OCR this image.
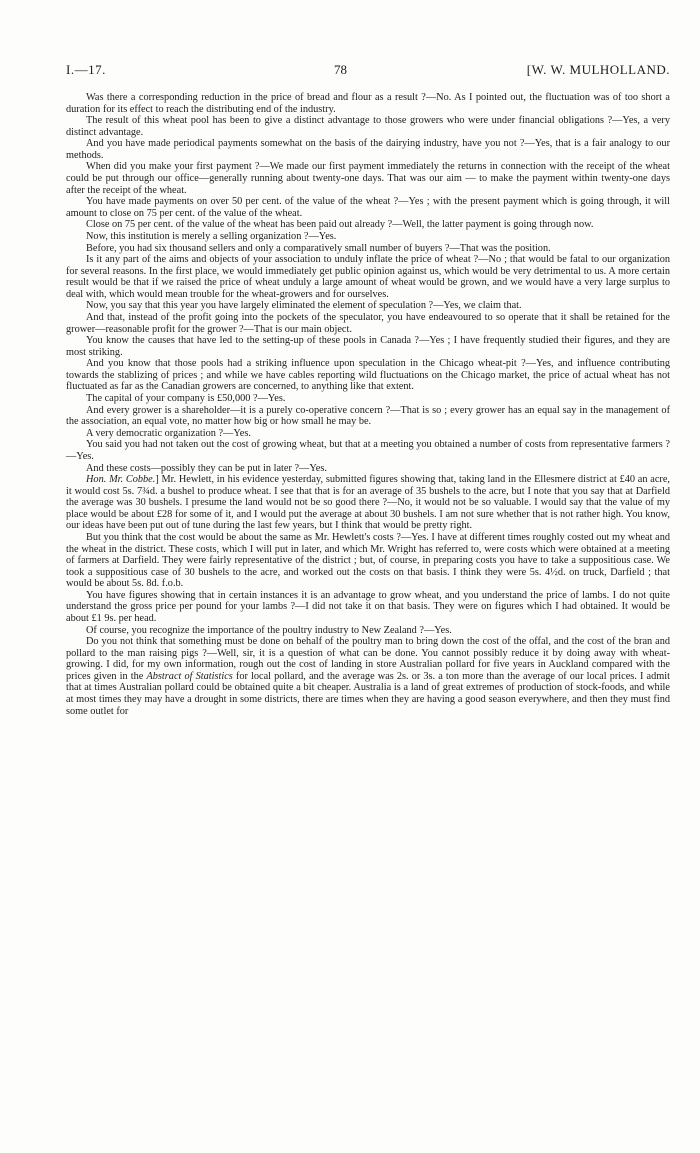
I.—17.	78	[W. W. MULHOLLAND.

Was there a corresponding reduction in the price of bread and flour as a result ?—No. As I pointed out, the fluctuation was of too short a duration for its effect to reach the distributing end of the industry.

The result of this wheat pool has been to give a distinct advantage to those growers who were under financial obligations ?—Yes, a very distinct advantage.

And you have made periodical payments somewhat on the basis of the dairying industry, have you not ?—Yes, that is a fair analogy to our methods.

When did you make your first payment ?—We made our first payment immediately the returns in connection with the receipt of the wheat could be put through our office—generally running about twenty-one days. That was our aim — to make the payment within twenty-one days after the receipt of the wheat.

You have made payments on over 50 per cent. of the value of the wheat ?—Yes ; with the present payment which is going through, it will amount to close on 75 per cent. of the value of the wheat.

Close on 75 per cent. of the value of the wheat has been paid out already ?—Well, the latter payment is going through now.

Now, this institution is merely a selling organization ?—Yes.

Before, you had six thousand sellers and only a comparatively small number of buyers ?—That was the position.

Is it any part of the aims and objects of your association to unduly inflate the price of wheat ?—No ; that would be fatal to our organization for several reasons. In the first place, we would immediately get public opinion against us, which would be very detrimental to us. A more certain result would be that if we raised the price of wheat unduly a large amount of wheat would be grown, and we would have a very large surplus to deal with, which would mean trouble for the wheat-growers and for ourselves.

Now, you say that this year you have largely eliminated the element of speculation ?—Yes, we claim that.

And that, instead of the profit going into the pockets of the speculator, you have endeavoured to so operate that it shall be retained for the grower—reasonable profit for the grower ?—That is our main object.

You know the causes that have led to the setting-up of these pools in Canada ?—Yes ; I have frequently studied their figures, and they are most striking.

And you know that those pools had a striking influence upon speculation in the Chicago wheat-pit ?—Yes, and influence contributing towards the stablizing of prices ; and while we have cables reporting wild fluctuations on the Chicago market, the price of actual wheat has not fluctuated as far as the Canadian growers are concerned, to anything like that extent.

The capital of your company is £50,000 ?—Yes.

And every grower is a shareholder—it is a purely co-operative concern ?—That is so ; every grower has an equal say in the management of the association, an equal vote, no matter how big or how small he may be.

A very democratic organization ?—Yes.

You said you had not taken out the cost of growing wheat, but that at a meeting you obtained a number of costs from representative farmers ?—Yes.

And these costs—possibly they can be put in later ?—Yes.

Hon. Mr. Cobbe.] Mr. Hewlett, in his evidence yesterday, submitted figures showing that, taking land in the Ellesmere district at £40 an acre, it would cost 5s. 7¾d. a bushel to produce wheat. I see that that is for an average of 35 bushels to the acre, but I note that you say that at Darfield the average was 30 bushels. I presume the land would not be so good there ?—No, it would not be so valuable. I would say that the value of my place would be about £28 for some of it, and I would put the average at about 30 bushels. I am not sure whether that is not rather high. You know, our ideas have been put out of tune during the last few years, but I think that would be pretty right.

But you think that the cost would be about the same as Mr. Hewlett's costs ?—Yes. I have at different times roughly costed out my wheat and the wheat in the district. These costs, which I will put in later, and which Mr. Wright has referred to, were costs which were obtained at a meeting of farmers at Darfield. They were fairly representative of the district ; but, of course, in preparing costs you have to take a suppositious case. We took a suppositious case of 30 bushels to the acre, and worked out the costs on that basis. I think they were 5s. 4½d. on truck, Darfield ; that would be about 5s. 8d. f.o.b.

You have figures showing that in certain instances it is an advantage to grow wheat, and you understand the price of lambs. I do not quite understand the gross price per pound for your lambs ?—I did not take it on that basis. They were on figures which I had obtained. It would be about £1 9s. per head.

Of course, you recognize the importance of the poultry industry to New Zealand ?—Yes.

Do you not think that something must be done on behalf of the poultry man to bring down the cost of the offal, and the cost of the bran and pollard to the man raising pigs ?—Well, sir, it is a question of what can be done. You cannot possibly reduce it by doing away with wheat-growing. I did, for my own information, rough out the cost of landing in store Australian pollard for five years in Auckland compared with the prices given in the Abstract of Statistics for local pollard, and the average was 2s. or 3s. a ton more than the average of our local prices. I admit that at times Australian pollard could be obtained quite a bit cheaper. Australia is a land of great extremes of production of stock-foods, and while at most times they may have a drought in some districts, there are times when they are having a good season everywhere, and then they must find some outlet for
